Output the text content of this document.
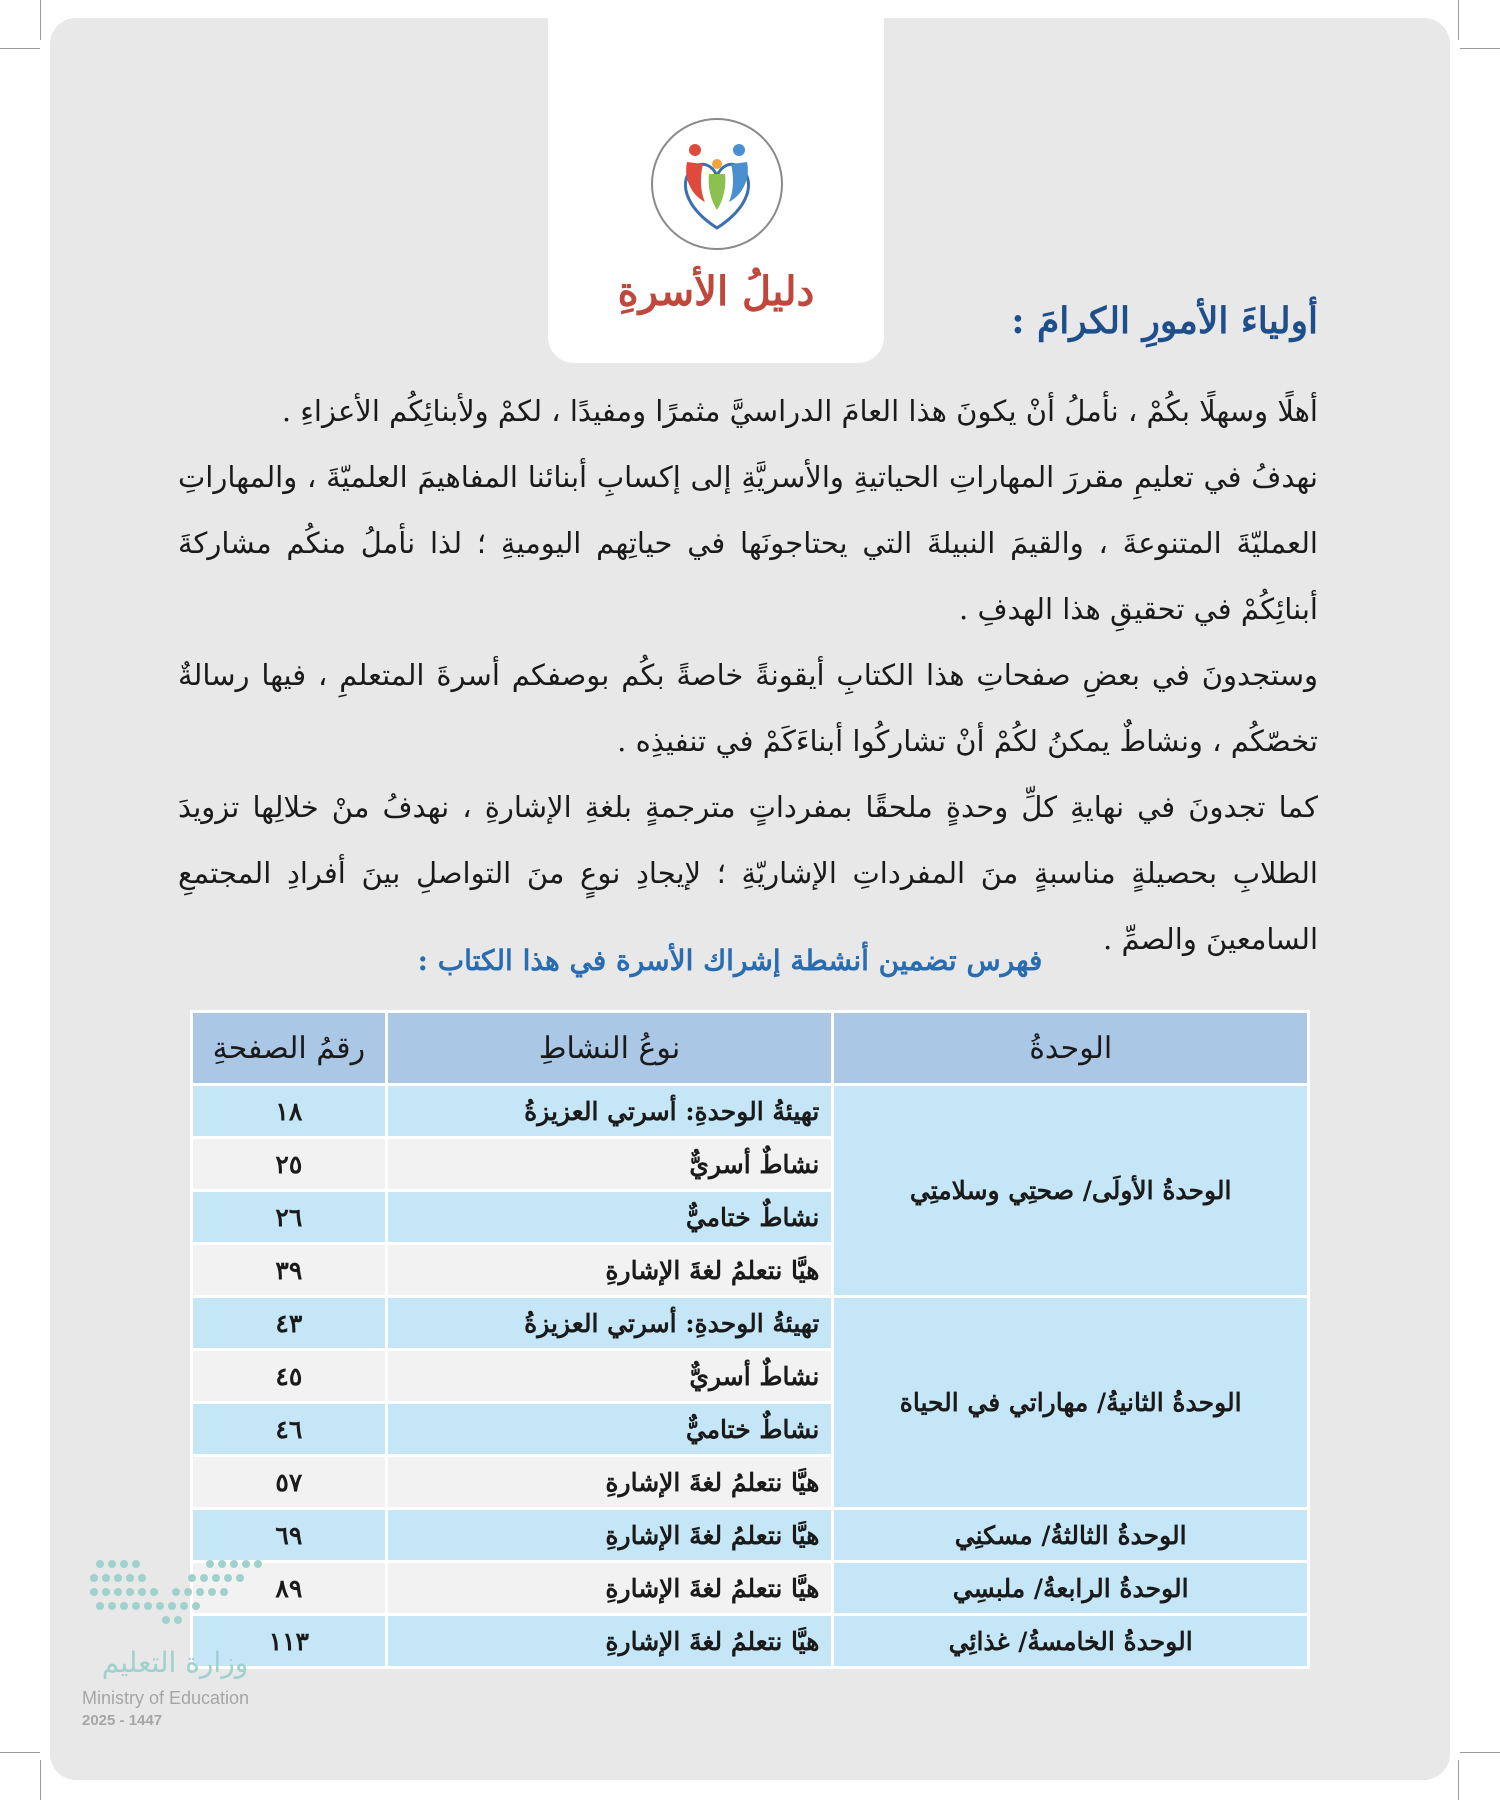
دليلُ الأسرةِ
أولياءَ الأمورِ الكرامَ :

أهلًا وسهلًا بكُمْ ، نأملُ أنْ يكونَ هذا العامَ الدراسيَّ مثمرًا ومفيدًا ، لكمْ ولأبنائِكُم الأعزاءِ .

نهدفُ في تعليمِ مقررَ المهاراتِ الحياتيةِ والأسريَّةِ إلى إكسابِ أبنائنا المفاهيمَ العلميّةَ ، والمهاراتِ العمليّةَ المتنوعةَ ، والقيمَ النبيلةَ التي يحتاجونَها في حياتِهم اليوميةِ ؛ لذا نأملُ منكُم مشاركةَ أبنائِكُمْ في تحقيقِ هذا الهدفِ .

وستجدونَ في بعضِ صفحاتِ هذا الكتابِ أيقونةً خاصةً بكُم بوصفكم أسرةَ المتعلمِ ، فيها رسالةٌ تخصّكُم ، ونشاطٌ يمكنُ لكُمْ أنْ تشاركُوا أبناءَكَمْ في تنفيذِه .

كما تجدونَ في نهايةِ كلِّ وحدةٍ ملحقًا بمفرداتٍ مترجمةٍ بلغةِ الإشارةِ ، نهدفُ منْ خلالِها تزويدَ الطلابِ بحصيلةٍ مناسبةٍ منَ المفرداتِ الإشاريّةِ ؛ لإيجادِ نوعٍ منَ التواصلِ بينَ أفرادِ المجتمعِ السامعينَ والصمِّ .

فهرس تضمين أنشطة إشراك الأسرة في هذا الكتاب :
الوحدةُ	نوعُ النشاطِ	رقمُ الصفحةِ
الوحدةُ الأولَى/ صحتِي وسلامتِي	تهيئةُ الوحدةِ: أسرتي العزيزةُ	١٨
	نشاطٌ أسريٌّ	٢٥
	نشاطٌ ختاميٌّ	٢٦
	هيَّا نتعلمُ لغةَ الإشارةِ	٣٩
الوحدةُ الثانيةُ/ مهاراتي في الحياة	تهيئةُ الوحدةِ: أسرتي العزيزةُ	٤٣
	نشاطٌ أسريٌّ	٤٥
	نشاطٌ ختاميٌّ	٤٦
	هيَّا نتعلمُ لغةَ الإشارةِ	٥٧
الوحدةُ الثالثةُ/ مسكنِي	هيَّا نتعلمُ لغةَ الإشارةِ	٦٩
الوحدةُ الرابعةُ/ ملبسِي	هيَّا نتعلمُ لغةَ الإشارةِ	٨٩
الوحدةُ الخامسةُ/ غذائِي	هيَّا نتعلمُ لغةَ الإشارةِ	١١٣
وزارة التعليم
Ministry of Education
2025 - 1447
